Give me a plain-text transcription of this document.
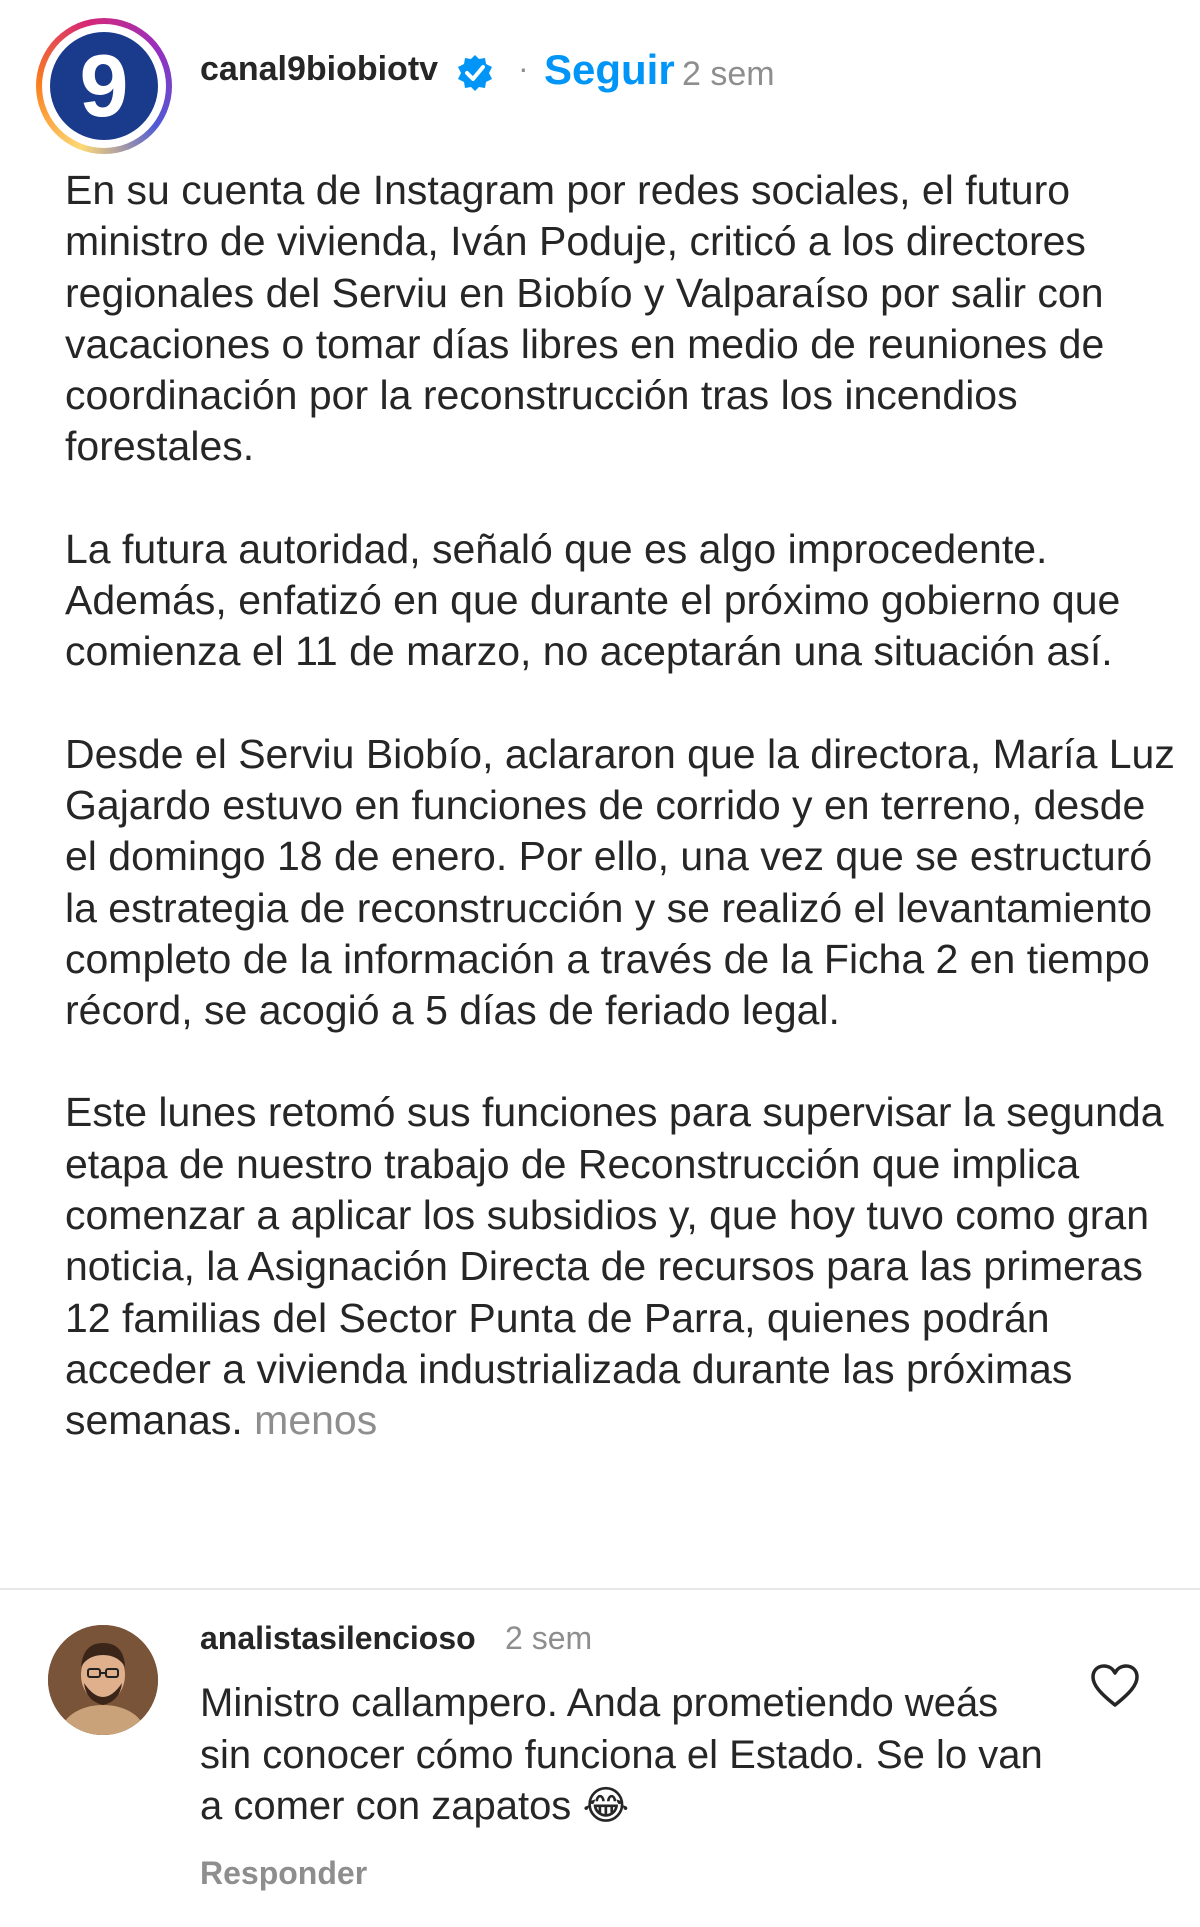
9	canal9biobiotv · Seguir 2 sem

En su cuenta de Instagram por redes sociales, el futuro ministro de vivienda, Iván Poduje, criticó a los directores regionales del Serviu en Biobío y Valparaíso por salir con vacaciones o tomar días libres en medio de reuniones de coordinación por la reconstrucción tras los incendios forestales.

La futura autoridad, señaló que es algo improcedente. Además, enfatizó en que durante el próximo gobierno que comienza el 11 de marzo, no aceptarán una situación así.

Desde el Serviu Biobío, aclararon que la directora, María Luz Gajardo estuvo en funciones de corrido y en terreno, desde el domingo 18 de enero. Por ello, una vez que se estructuró la estrategia de reconstrucción y se realizó el levantamiento completo de la información a través de la Ficha 2 en tiempo récord, se acogió a 5 días de feriado legal.

Este lunes retomó sus funciones para supervisar la segunda etapa de nuestro trabajo de Reconstrucción que implica comenzar a aplicar los subsidios y, que hoy tuvo como gran noticia, la Asignación Directa de recursos para las primeras 12 familias del Sector Punta de Parra, quienes podrán acceder a vivienda industrializada durante las próximas semanas. menos

analistasilencioso 2 sem

Ministro callampero. Anda prometiendo weás sin conocer cómo funciona el Estado. Se lo van a comer con zapatos 😂

Responder
